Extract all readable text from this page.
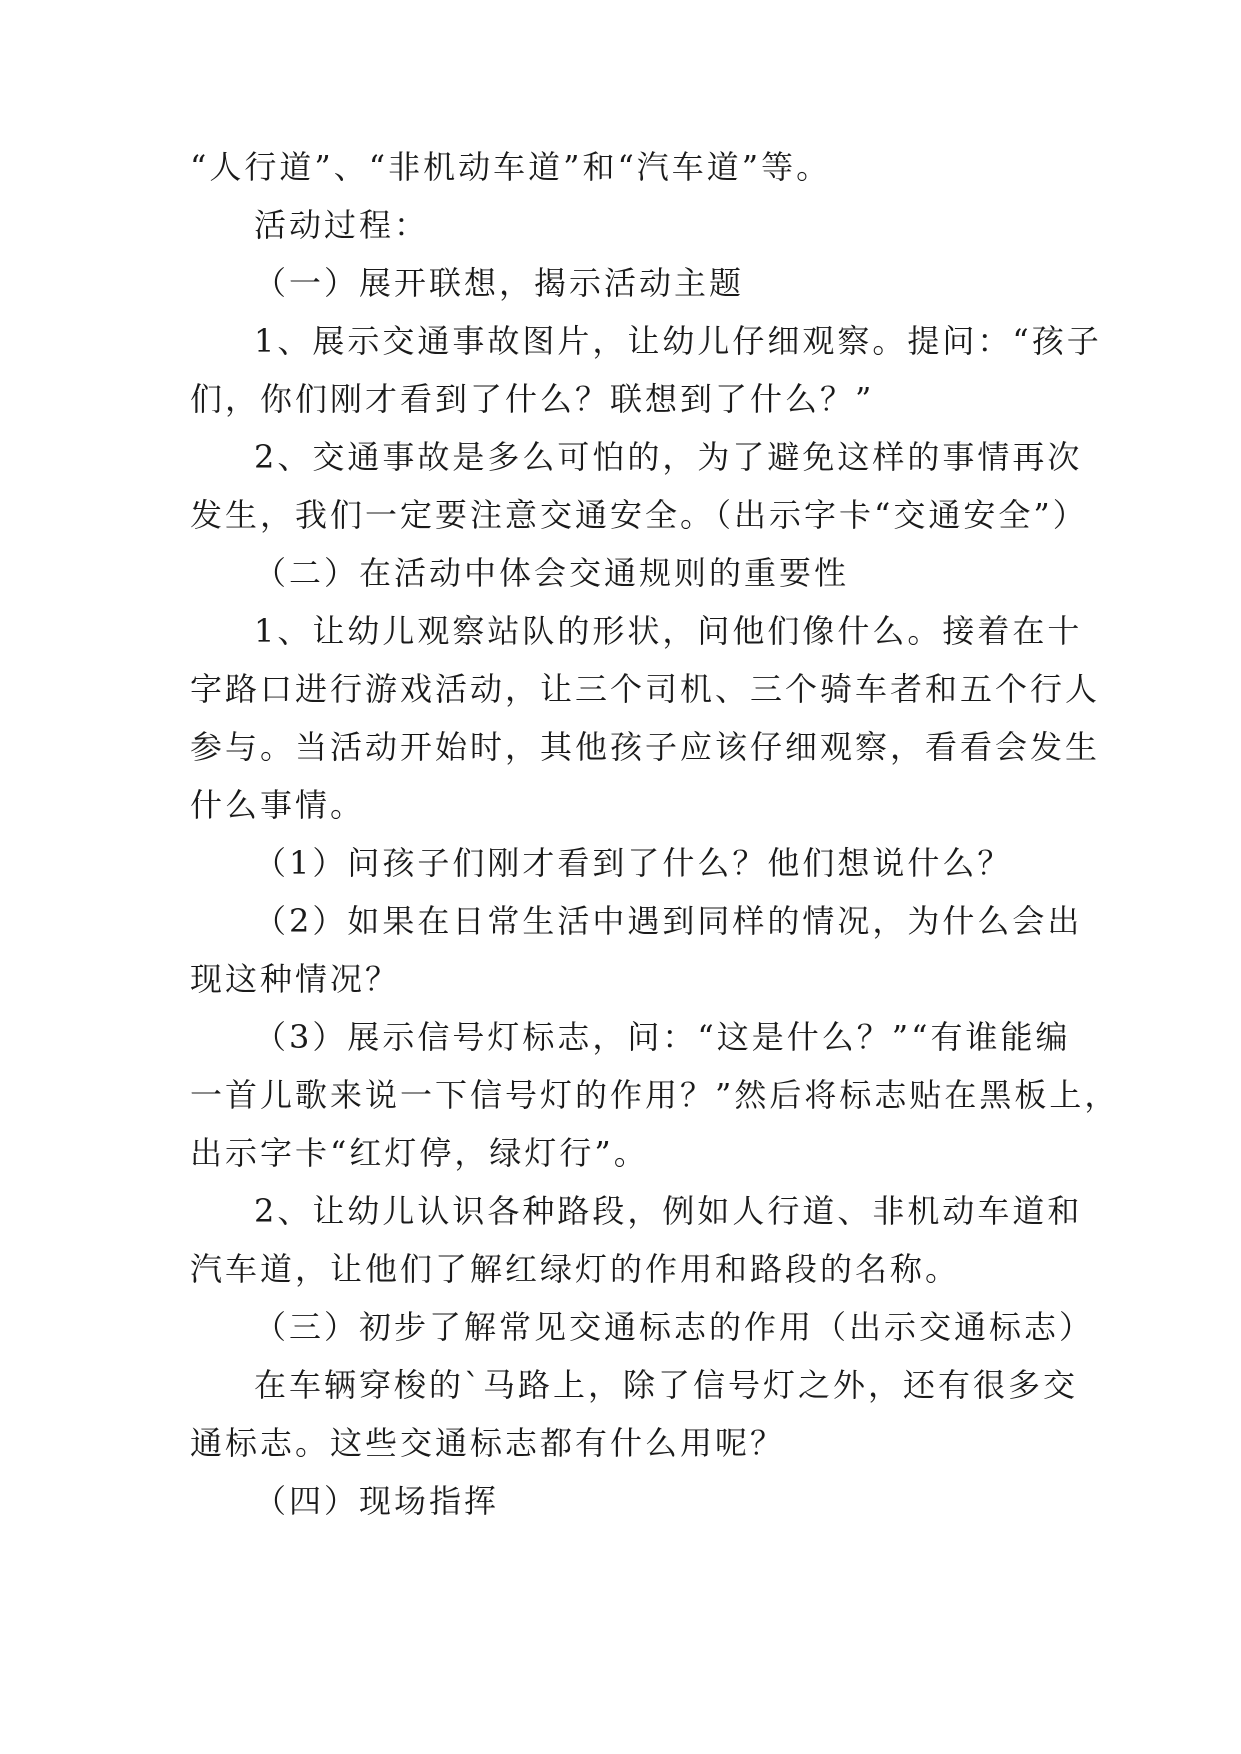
“人行道”、“非机动车道”和“汽车道”等。

活动过程：

（一）展开联想，揭示活动主题

1、展示交通事故图片，让幼儿仔细观察。提问：“孩子

们，你们刚才看到了什么？联想到了什么？”

2、交通事故是多么可怕的，为了避免这样的事情再次

发生，我们一定要注意交通安全。（出示字卡“交通安全”）

（二）在活动中体会交通规则的重要性

1、让幼儿观察站队的形状，问他们像什么。接着在十

字路口进行游戏活动，让三个司机、三个骑车者和五个行人

参与。当活动开始时，其他孩子应该仔细观察，看看会发生

什么事情。

（1）问孩子们刚才看到了什么？他们想说什么？

（2）如果在日常生活中遇到同样的情况，为什么会出

现这种情况？

（3）展示信号灯标志，问：“这是什么？”“有谁能编

一首儿歌来说一下信号灯的作用？”然后将标志贴在黑板上，

出示字卡“红灯停，绿灯行”。

2、让幼儿认识各种路段，例如人行道、非机动车道和

汽车道，让他们了解红绿灯的作用和路段的名称。

（三）初步了解常见交通标志的作用（出示交通标志）

在车辆穿梭的`马路上，除了信号灯之外，还有很多交

通标志。这些交通标志都有什么用呢？

（四）现场指挥
